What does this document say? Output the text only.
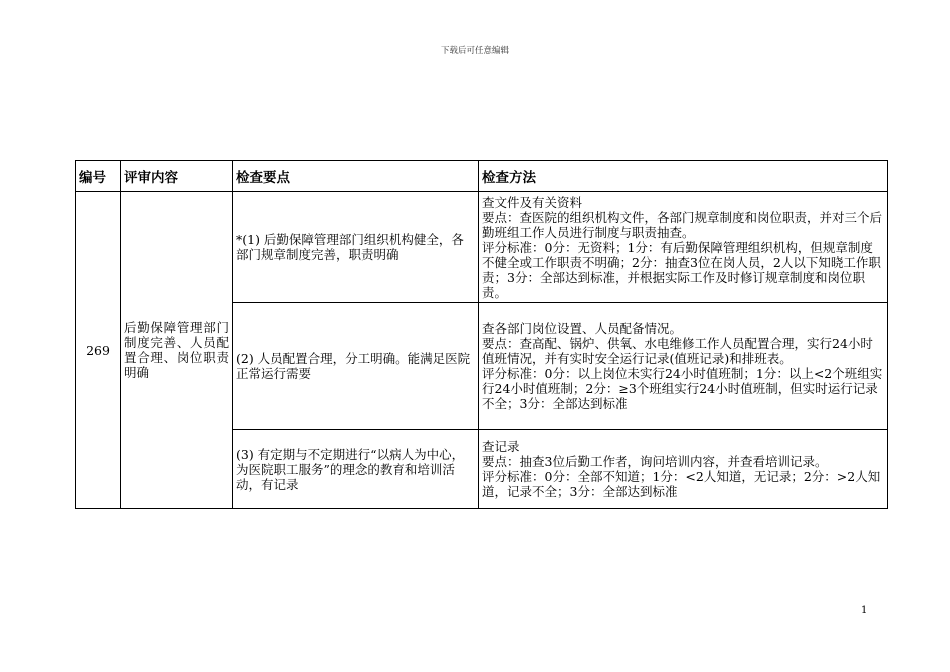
下载后可任意编辑
编号	评审内容	检查要点	检查方法
269	后勤保障管理部门制度完善、人员配置合理、岗位职责明确	*(1) 后勤保障管理部门组织机构健全，各部门规章制度完善，职责明确	查文件及有关资料

要点：查医院的组织机构文件，各部门规章制度和岗位职责，并对三个后勤班组工作人员进行制度与职责抽查。

评分标准：0分：无资料；1分：有后勤保障管理组织机构，但规章制度不健全或工作职责不明确；2分：抽查3位在岗人员，2人以下知晓工作职责；3分：全部达到标准，并根据实际工作及时修订规章制度和岗位职责。

		(2) 人员配置合理，分工明确。能满足医院正常运行需要	查各部门岗位设置、人员配备情况。

要点：查高配、锅炉、供氧、水电维修工作人员配置合理，实行24小时值班情况，并有实时安全运行记录(值班记录)和排班表。

评分标准：0分：以上岗位未实行24小时值班制；1分：以上<2个班组实行24小时值班制；2分：≥3个班组实行24小时值班制，但实时运行记录不全；3分：全部达到标准

		(3) 有定期与不定期进行“以病人为中心，为医院职工服务”的理念的教育和培训活动，有记录	查记录

要点：抽查3位后勤工作者，询问培训内容，并查看培训记录。

评分标准：0分：全部不知道；1分：<2人知道，无记录；2分：>2人知道，记录不全；3分：全部达到标准

1
